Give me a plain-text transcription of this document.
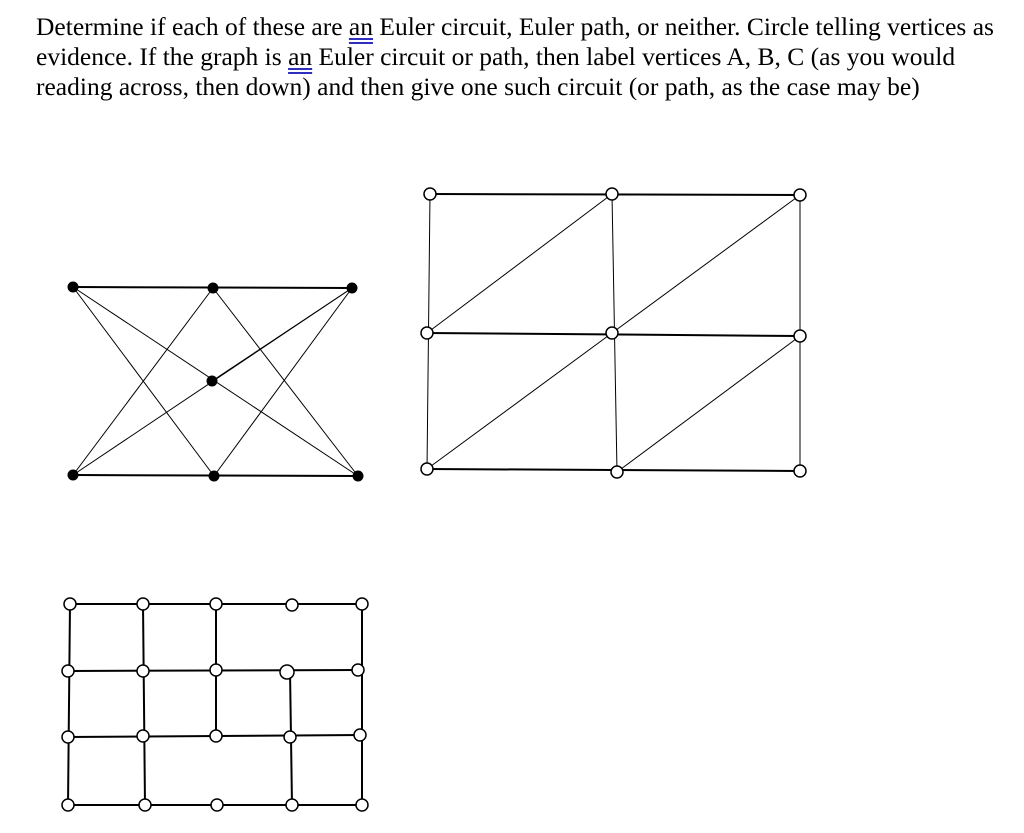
Determine if each of these are an Euler circuit, Euler path, or neither. Circle telling vertices as
evidence. If the graph is an Euler circuit or path, then label vertices A, B, C (as you would
reading across, then down) and then give one such circuit (or path, as the case may be)
